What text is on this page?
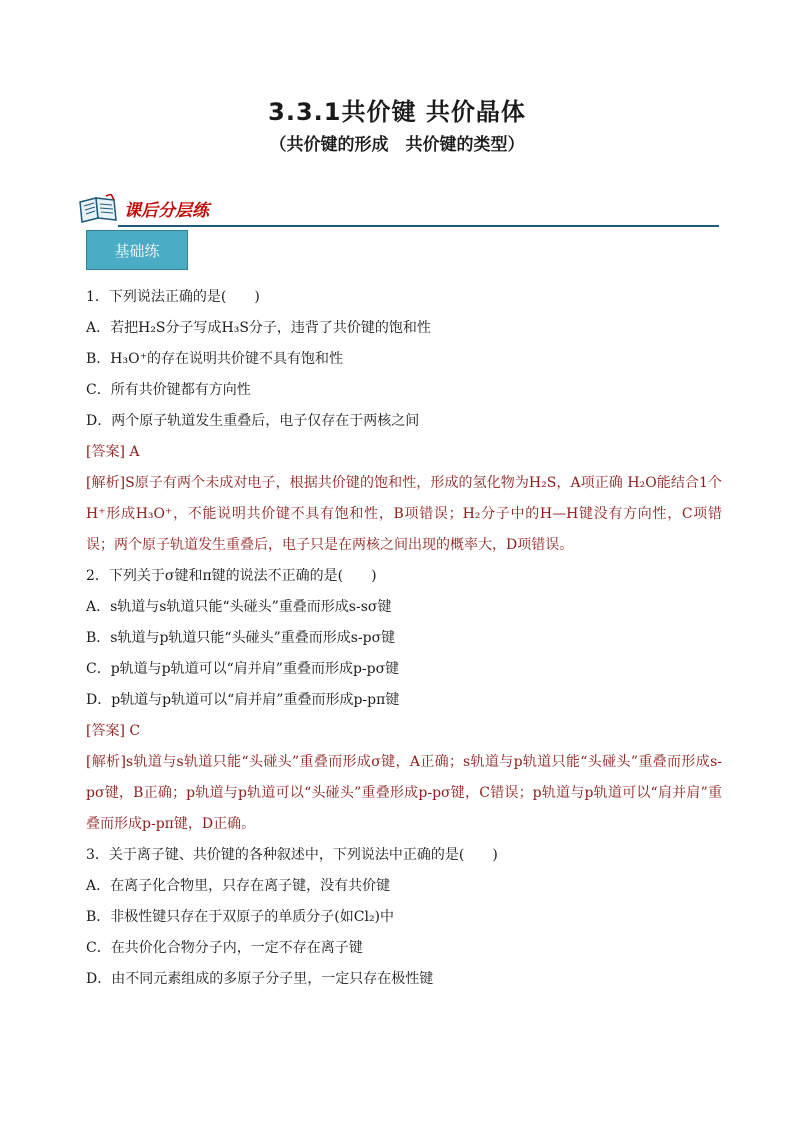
3.3.1共价键 共价晶体
（共价键的形成　共价键的类型）
课后分层练
基础练
1．下列说法正确的是(　　)
A．若把H₂S分子写成H₃S分子，违背了共价键的饱和性
B．H₃O⁺的存在说明共价键不具有饱和性
C．所有共价键都有方向性
D．两个原子轨道发生重叠后，电子仅存在于两核之间
[答案] A
[解析]S原子有两个未成对电子，根据共价键的饱和性，形成的氢化物为H₂S，A项正确 H₂O能结合1个H⁺形成H₃O⁺，不能说明共价键不具有饱和性，B项错误；H₂分子中的H—H键没有方向性，C项错误；两个原子轨道发生重叠后，电子只是在两核之间出现的概率大，D项错误。
2．下列关于σ键和π键的说法不正确的是(　　)
A．s轨道与s轨道只能“头碰头”重叠而形成s-sσ键
B．s轨道与p轨道只能“头碰头”重叠而形成s-pσ键
C．p轨道与p轨道可以“肩并肩”重叠而形成p-pσ键
D．p轨道与p轨道可以“肩并肩”重叠而形成p-pπ键
[答案] C
[解析]s轨道与s轨道只能“头碰头”重叠而形成σ键，A正确；s轨道与p轨道只能“头碰头”重叠而形成s-pσ键，B正确；p轨道与p轨道可以“头碰头”重叠形成p-pσ键，C错误；p轨道与p轨道可以“肩并肩”重叠而形成p-pπ键，D正确。
3．关于离子键、共价键的各种叙述中，下列说法中正确的是(　　)
A．在离子化合物里，只存在离子键，没有共价键
B．非极性键只存在于双原子的单质分子(如Cl₂)中
C．在共价化合物分子内，一定不存在离子键
D．由不同元素组成的多原子分子里，一定只存在极性键
